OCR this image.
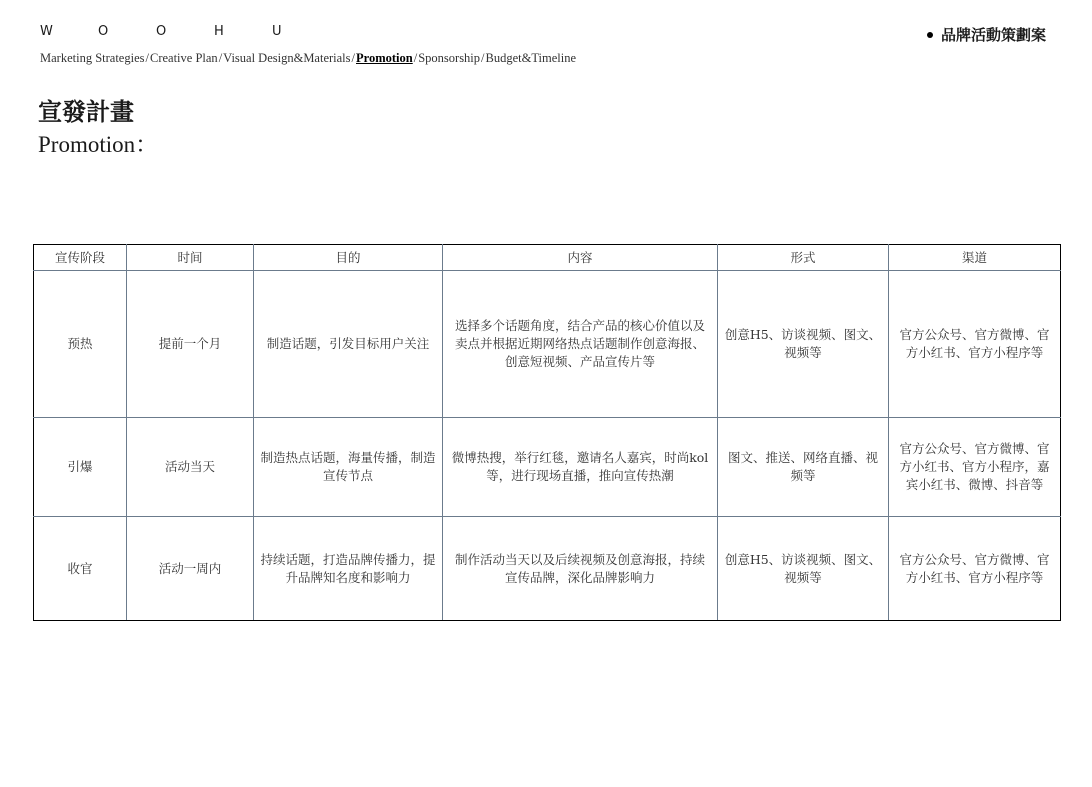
W	O	O	H	U
Marketing Strategies/Creative Plan/Visual Design&Materials/Promotion/Sponsorship/Budget&Timeline
品牌活動策劃案
宣發計畫
Promotion：
宣传阶段	时间	目的	内容	形式	渠道
预热	提前一个月	制造话题，引发目标用户关注	选择多个话题角度，结合产品的核心价值以及卖点并根据近期网络热点话题制作创意海报、创意短视频、产品宣传片等	创意H5、访谈视频、图文、视频等	官方公众号、官方微博、官方小红书、官方小程序等
引爆	活动当天	制造热点话题，海量传播，制造宣传节点	微博热搜，举行红毯，邀请名人嘉宾，时尚kol等，进行现场直播，推向宣传热潮	图文、推送、网络直播、视频等	官方公众号、官方微博、官方小红书、官方小程序，嘉宾小红书、微博、抖音等
收官	活动一周内	持续话题，打造品牌传播力，提升品牌知名度和影响力	制作活动当天以及后续视频及创意海报，持续宣传品牌，深化品牌影响力	创意H5、访谈视频、图文、视频等	官方公众号、官方微博、官方小红书、官方小程序等
